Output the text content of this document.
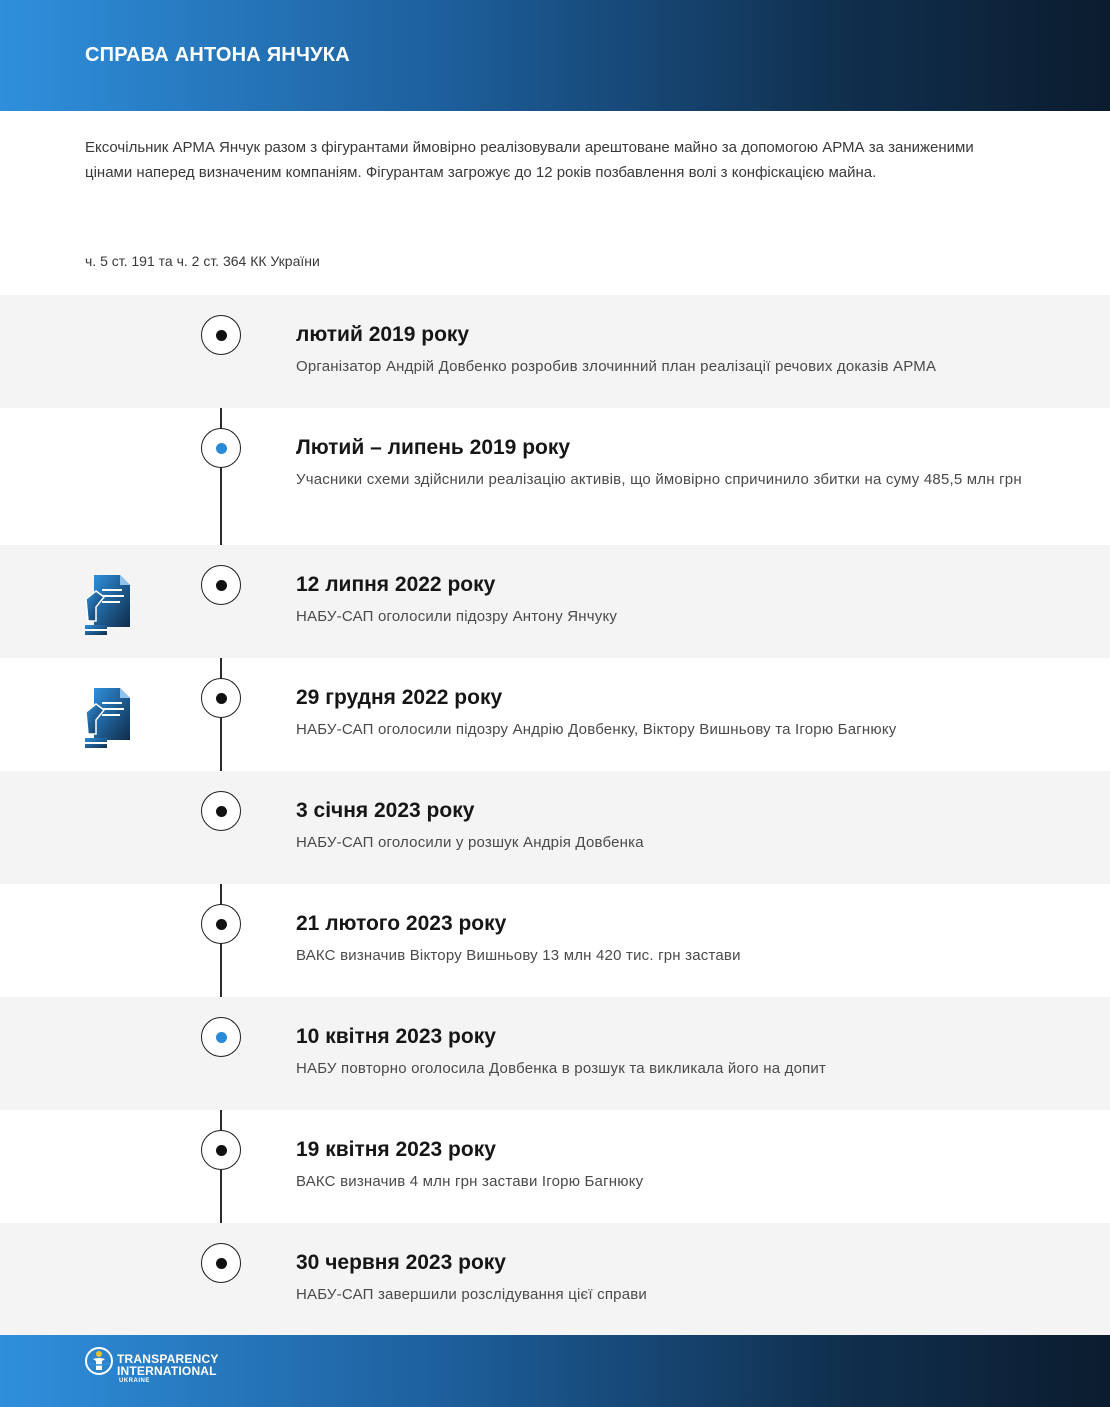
СПРАВА АНТОНА ЯНЧУКА
Ексочільник АРМА Янчук разом з фігурантами ймовірно реалізовували арештоване майно за допомогою АРМА за заниженими цінами наперед визначеним компаніям. Фігурантам загрожує до 12 років позбавлення волі з конфіскацією майна.
ч. 5 ст. 191 та ч. 2 ст. 364 КК України
лютий 2019 року
Організатор Андрій Довбенко розробив злочинний план реалізації речових доказів АРМА
Лютий – липень 2019 року
Учасники схеми здійснили реалізацію активів, що ймовірно спричинило збитки на суму 485,5 млн грн
12 липня 2022 року
НАБУ-САП оголосили підозру Антону Янчуку
29 грудня 2022 року
НАБУ-САП оголосили підозру Андрію Довбенку, Віктору Вишньову та Ігорю Багнюку
3 січня 2023 року
НАБУ-САП оголосили у розшук Андрія Довбенка
21 лютого 2023 року
ВАКС визначив Віктору Вишньову 13 млн 420 тис. грн застави
10 квітня 2023 року
НАБУ повторно оголосила Довбенка в розшук та викликала його на допит
19 квітня 2023 року
ВАКС визначив 4 млн грн застави Ігорю Багнюку
30 червня 2023 року
НАБУ-САП завершили розслідування цієї справи
TRANSPARENCY
INTERNATIONAL
UKRAINE
